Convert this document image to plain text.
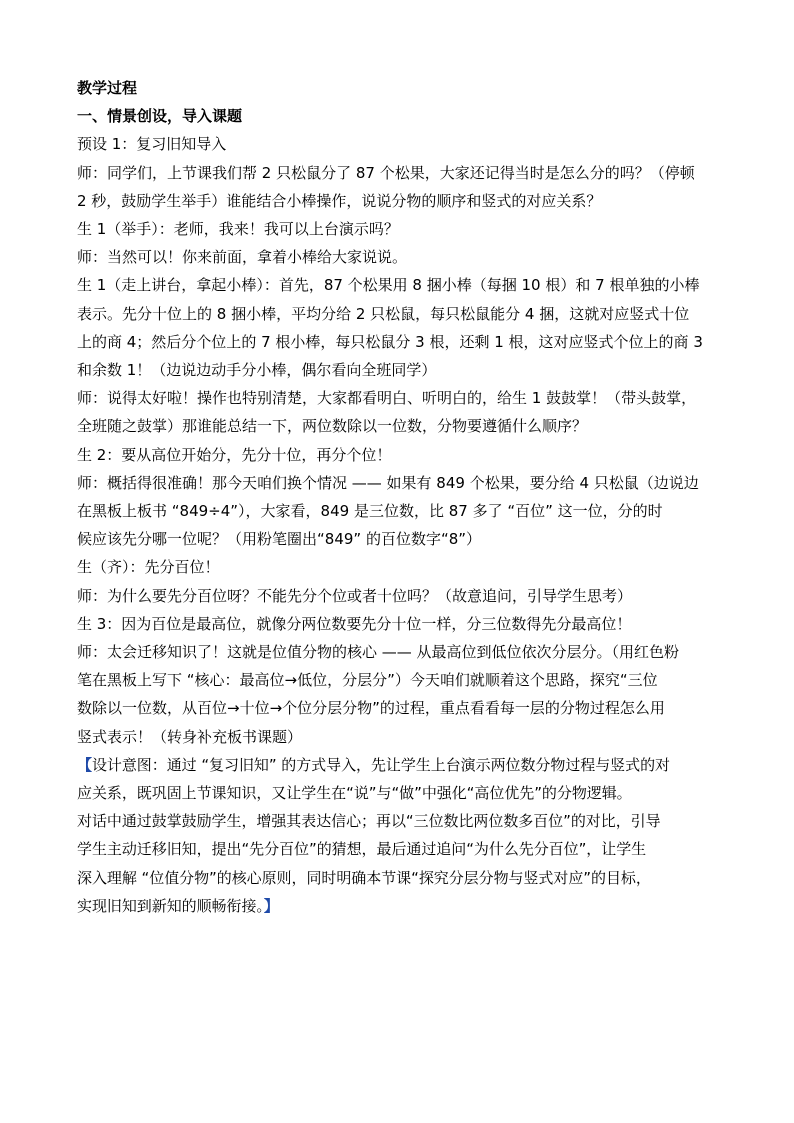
教学过程

一、情景创设，导入课题

预设 1：复习旧知导入

师：同学们，上节课我们帮 2 只松鼠分了 87 个松果，大家还记得当时是怎么分的吗？（停顿

2 秒，鼓励学生举手）谁能结合小棒操作，说说分物的顺序和竖式的对应关系？

生 1（举手）：老师，我来！我可以上台演示吗？

师：当然可以！你来前面，拿着小棒给大家说说。

生 1（走上讲台，拿起小棒）：首先，87 个松果用 8 捆小棒（每捆 10 根）和 7 根单独的小棒

表示。先分十位上的 8 捆小棒，平均分给 2 只松鼠，每只松鼠能分 4 捆，这就对应竖式十位

上的商 4；然后分个位上的 7 根小棒，每只松鼠分 3 根，还剩 1 根，这对应竖式个位上的商 3

和余数 1！（边说边动手分小棒，偶尔看向全班同学）

师：说得太好啦！操作也特别清楚，大家都看明白、听明白的，给生 1 鼓鼓掌！（带头鼓掌，

全班随之鼓掌）那谁能总结一下，两位数除以一位数，分物要遵循什么顺序？

生 2：要从高位开始分，先分十位，再分个位！

师：概括得很准确！那今天咱们换个情况 —— 如果有 849 个松果，要分给 4 只松鼠（边说边

在黑板上板书 “849÷4”），大家看，849 是三位数，比 87 多了 “百位” 这一位，分的时

候应该先分哪一位呢？（用粉笔圈出“849” 的百位数字“8”）

生（齐）：先分百位！

师：为什么要先分百位呀？不能先分个位或者十位吗？（故意追问，引导学生思考）

生 3：因为百位是最高位，就像分两位数要先分十位一样，分三位数得先分最高位！

师：太会迁移知识了！这就是位值分物的核心 —— 从最高位到低位依次分层分。（用红色粉

笔在黑板上写下 “核心：最高位→低位，分层分”）今天咱们就顺着这个思路，探究“三位

数除以一位数，从百位→十位→个位分层分物”的过程，重点看看每一层的分物过程怎么用

竖式表示！（转身补充板书课题）

【设计意图：通过 “复习旧知” 的方式导入，先让学生上台演示两位数分物过程与竖式的对

应关系，既巩固上节课知识，又让学生在“说”与“做”中强化“高位优先”的分物逻辑。

对话中通过鼓掌鼓励学生，增强其表达信心；再以“三位数比两位数多百位”的对比，引导

学生主动迁移旧知，提出“先分百位”的猜想，最后通过追问“为什么先分百位”，让学生

深入理解 “位值分物”的核心原则，同时明确本节课“探究分层分物与竖式对应”的目标，

实现旧知到新知的顺畅衔接。】
